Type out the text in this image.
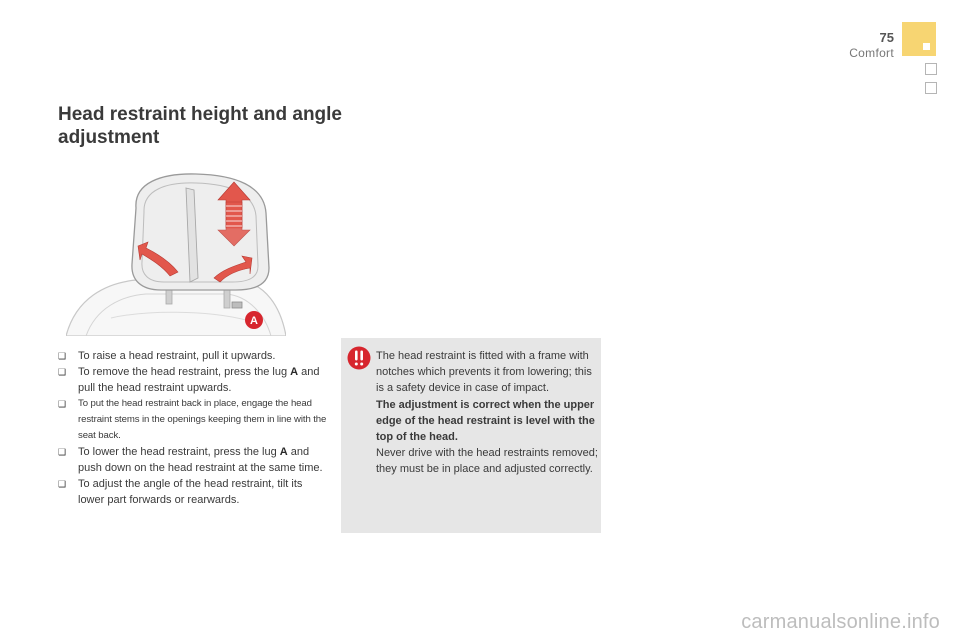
75
Comfort
Head restraint height and angle adjustment
A
❑ To raise a head restraint, pull it upwards.
❑ To remove the head restraint, press the lug A and pull the head restraint upwards.
❑ To put the head restraint back in place, engage the head restraint stems in the openings keeping them in line with the seat back.
❑ To lower the head restraint, press the lug A and push down on the head restraint at the same time.
❑ To adjust the angle of the head restraint, tilt its lower part forwards or rearwards.

The head restraint is fitted with a frame with notches which prevents it from lowering; this is a safety device in case of impact.

The adjustment is correct when the upper edge of the head restraint is level with the top of the head.

Never drive with the head restraints removed; they must be in place and adjusted correctly.

carmanualsonline.info
